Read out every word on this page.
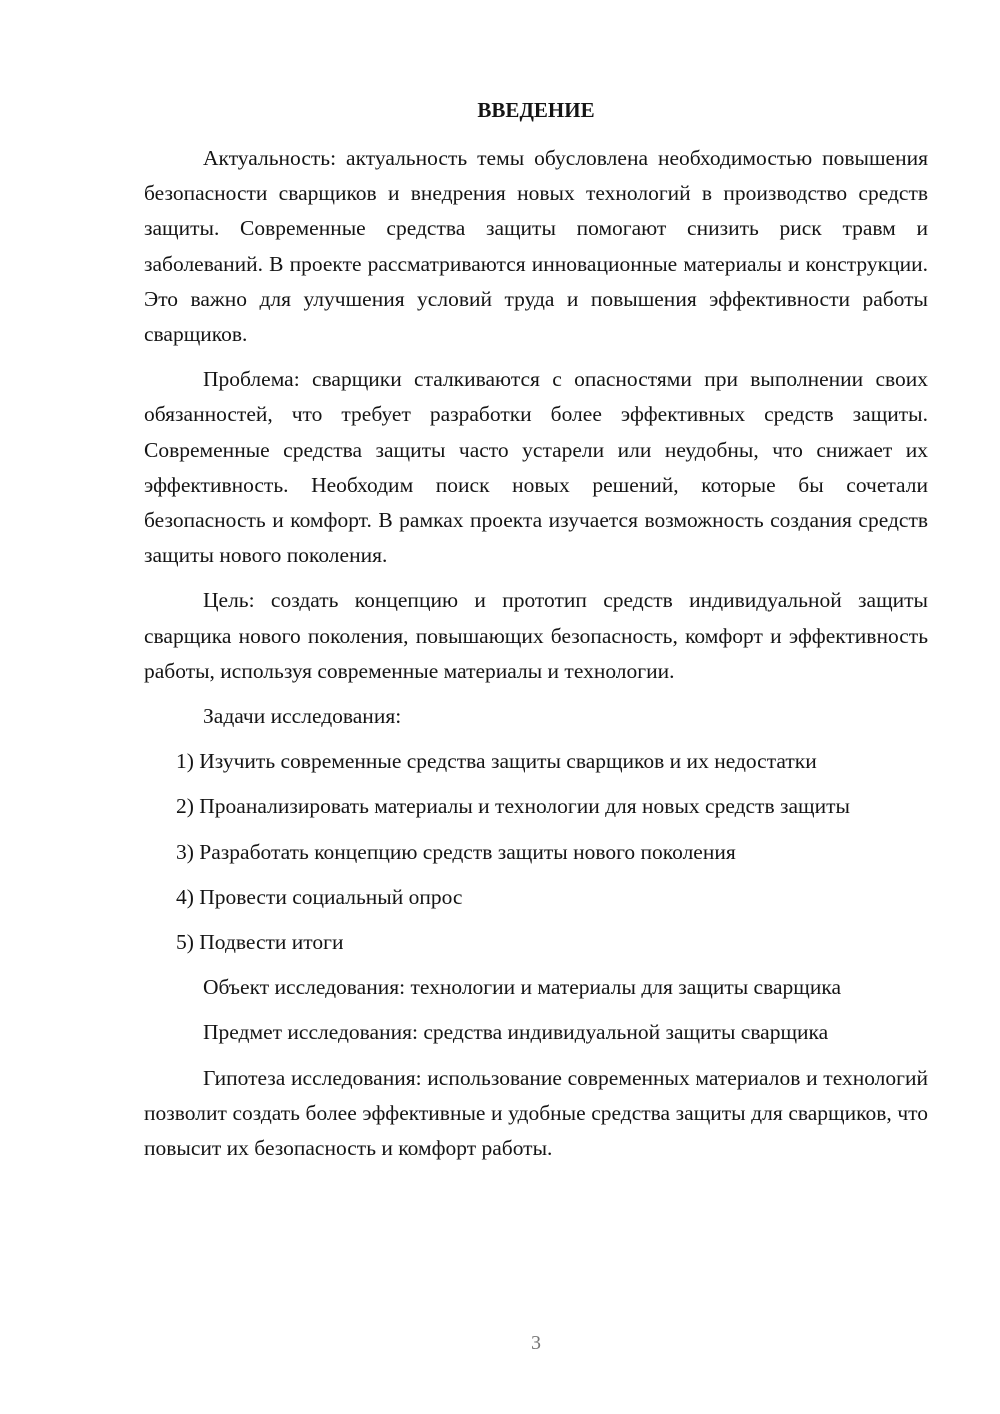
ВВЕДЕНИЕ

Актуальность: актуальность темы обусловлена необходимостью повышения безопасности сварщиков и внедрения новых технологий в производство средств защиты. Современные средства защиты помогают снизить риск травм и заболеваний. В проекте рассматриваются инновационные материалы и конструкции. Это важно для улучшения условий труда и повышения эффективности работы сварщиков.

Проблема: сварщики сталкиваются с опасностями при выполнении своих обязанностей, что требует разработки более эффективных средств защиты. Современные средства защиты часто устарели или неудобны, что снижает их эффективность. Необходим поиск новых решений, которые бы сочетали безопасность и комфорт. В рамках проекта изучается возможность создания средств защиты нового поколения.

Цель: создать концепцию и прототип средств индивидуальной защиты сварщика нового поколения, повышающих безопасность, комфорт и эффективность работы, используя современные материалы и технологии.

Задачи исследования:

1) Изучить современные средства защиты сварщиков и их недостатки

2) Проанализировать материалы и технологии для новых средств защиты

3) Разработать концепцию средств защиты нового поколения

4) Провести социальный опрос

5) Подвести итоги

Объект исследования: технологии и материалы для защиты сварщика

Предмет исследования: средства индивидуальной защиты сварщика

Гипотеза исследования: использование современных материалов и технологий позволит создать более эффективные и удобные средства защиты для сварщиков, что повысит их безопасность и комфорт работы.

3
